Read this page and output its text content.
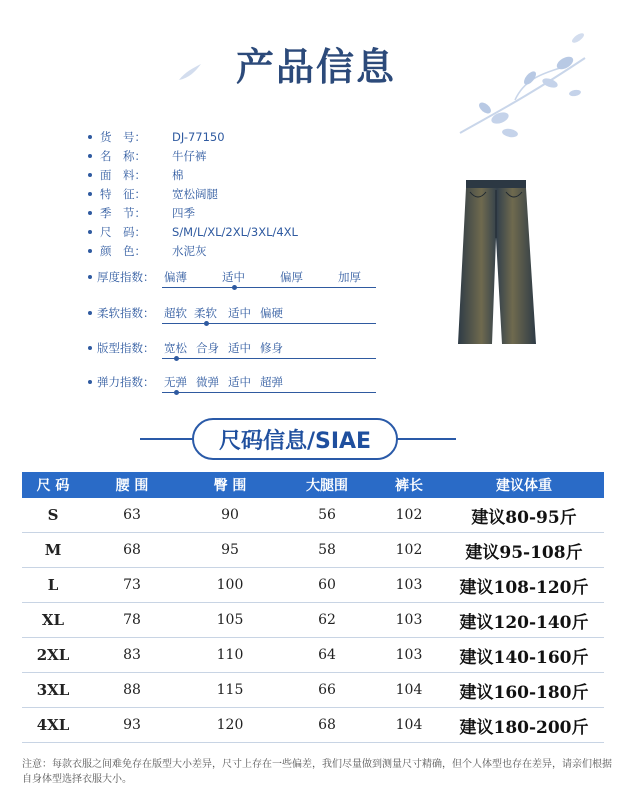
产品信息
货　号：	DJ-77150
名　称：	牛仔裤
面　料：	棉
特　征：	宽松阔腿
季　节：	四季
尺　码：	S/M/L/XL/2XL/3XL/4XL
颜　色：	水泥灰
厚度指数： 偏薄	适中	偏厚	加厚
柔软指数： 超软 柔软 适中 偏硬
版型指数： 宽松 合身 适中 修身
弹力指数： 无弹 微弹 适中 超弹
尺码信息/SIAE
尺 码	腰 围	臀 围	大腿围	裤长	建议体重
S	63	90	56	102	建议80-95斤
M	68	95	58	102	建议95-108斤
L	73	100	60	103	建议108-120斤
XL	78	105	62	103	建议120-140斤
2XL	83	110	64	103	建议140-160斤
3XL	88	115	66	104	建议160-180斤
4XL	93	120	68	104	建议180-200斤
注意：每款衣服之间难免存在版型大小差异，尺寸上存在一些偏差，我们尽量做到测量尺寸精确，但个人体型也存在差异，请亲们根据自身体型选择衣服大小。
